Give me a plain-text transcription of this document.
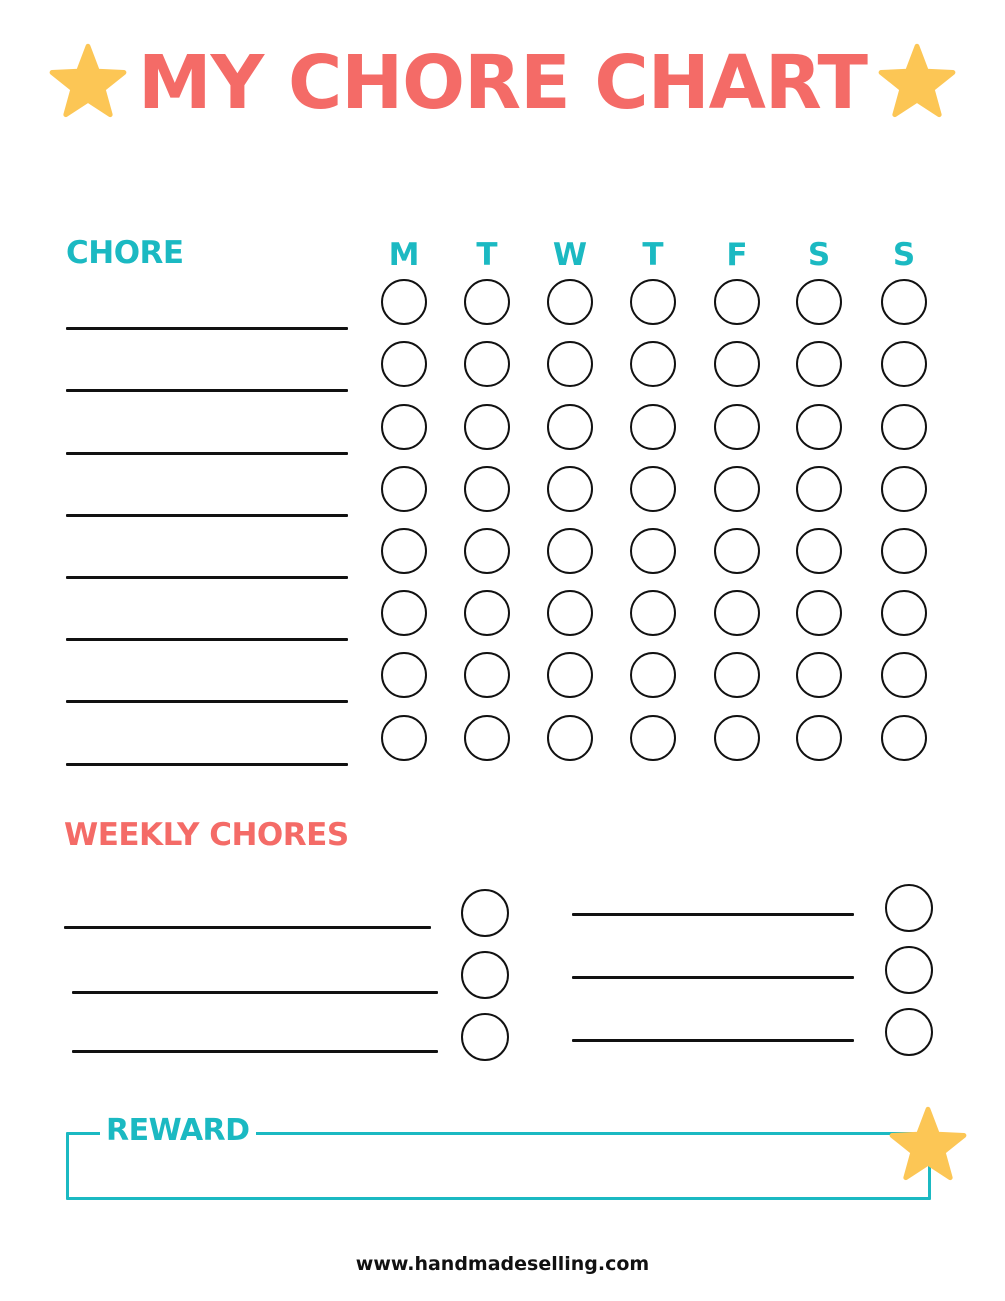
MY CHORE CHART
CHORE	M	T	W	T	F	S	S
WEEKLY CHORES
REWARD
www.handmadeselling.com
